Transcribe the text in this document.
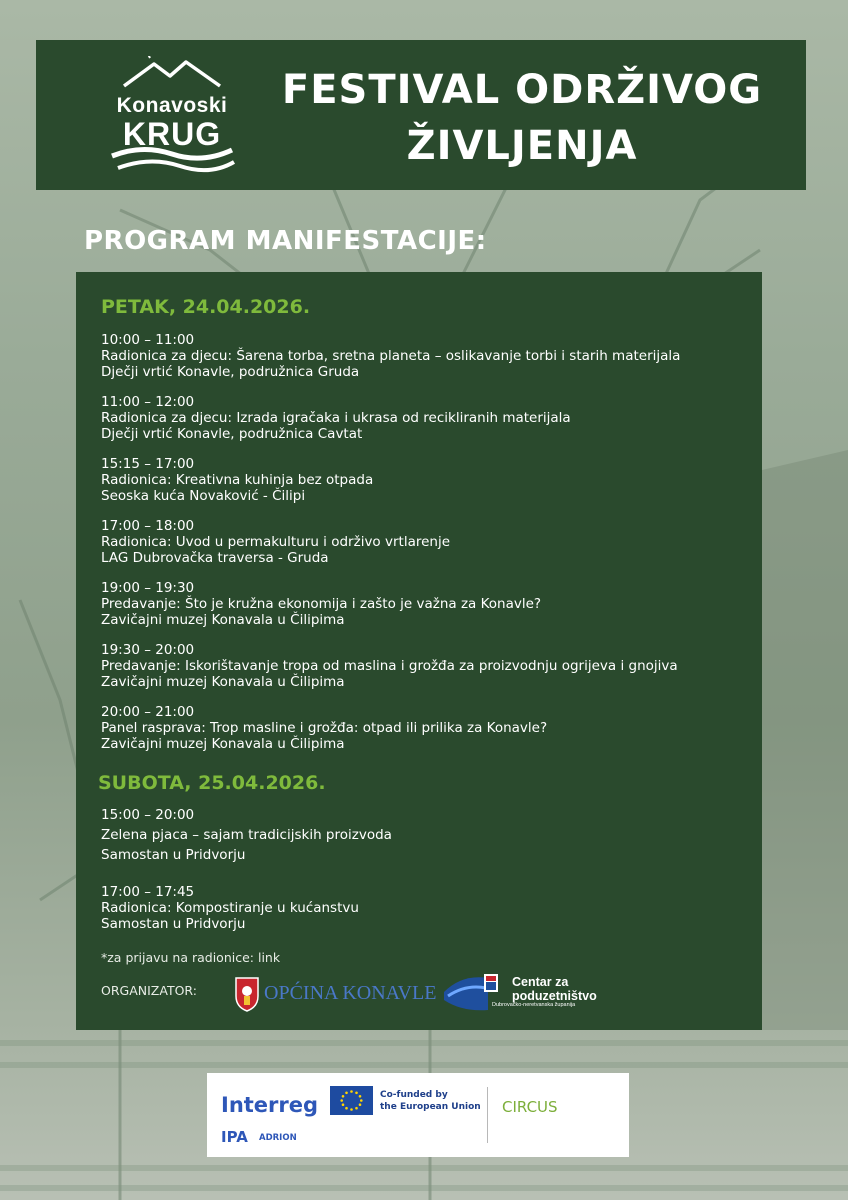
Konavoski
KRUG
FESTIVAL ODRŽIVOG
ŽIVLJENJA
PROGRAM MANIFESTACIJE:
PETAK, 24.04.2026.
10:00 – 11:00
Radionica za djecu: Šarena torba, sretna planeta – oslikavanje torbi i starih materijala
Dječji vrtić Konavle, podružnica Gruda
11:00 – 12:00
Radionica za djecu: Izrada igračaka i ukrasa od recikliranih materijala
Dječji vrtić Konavle, podružnica Cavtat
15:15 – 17:00
Radionica: Kreativna kuhinja bez otpada
Seoska kuća Novaković - Čilipi
17:00 – 18:00
Radionica: Uvod u permakulturu i održivo vrtlarenje
LAG Dubrovačka traversa - Gruda
19:00 – 19:30
Predavanje: Što je kružna ekonomija i zašto je važna za Konavle?
Zavičajni muzej Konavala u Čilipima
19:30 – 20:00
Predavanje: Iskorištavanje tropa od maslina i grožđa za proizvodnju ogrijeva i gnojiva
Zavičajni muzej Konavala u Čilipima
20:00 – 21:00
Panel rasprava: Trop masline i grožđa: otpad ili prilika za Konavle?
Zavičajni muzej Konavala u Čilipima
SUBOTA, 25.04.2026.
15:00 – 20:00
Zelena pjaca – sajam tradicijskih proizvoda
Samostan u Pridvorju
17:00 – 17:45
Radionica: Kompostiranje u kućanstvu
Samostan u Pridvorju
*za prijavu na radionice: link
ORGANIZATOR:	OPĆINA KONAVLE	Centar za
poduzetništvo
Dubrovačko-neretvanska županija
Interreg
IPA ADRION
Co-funded by
the European Union CIRCUS
